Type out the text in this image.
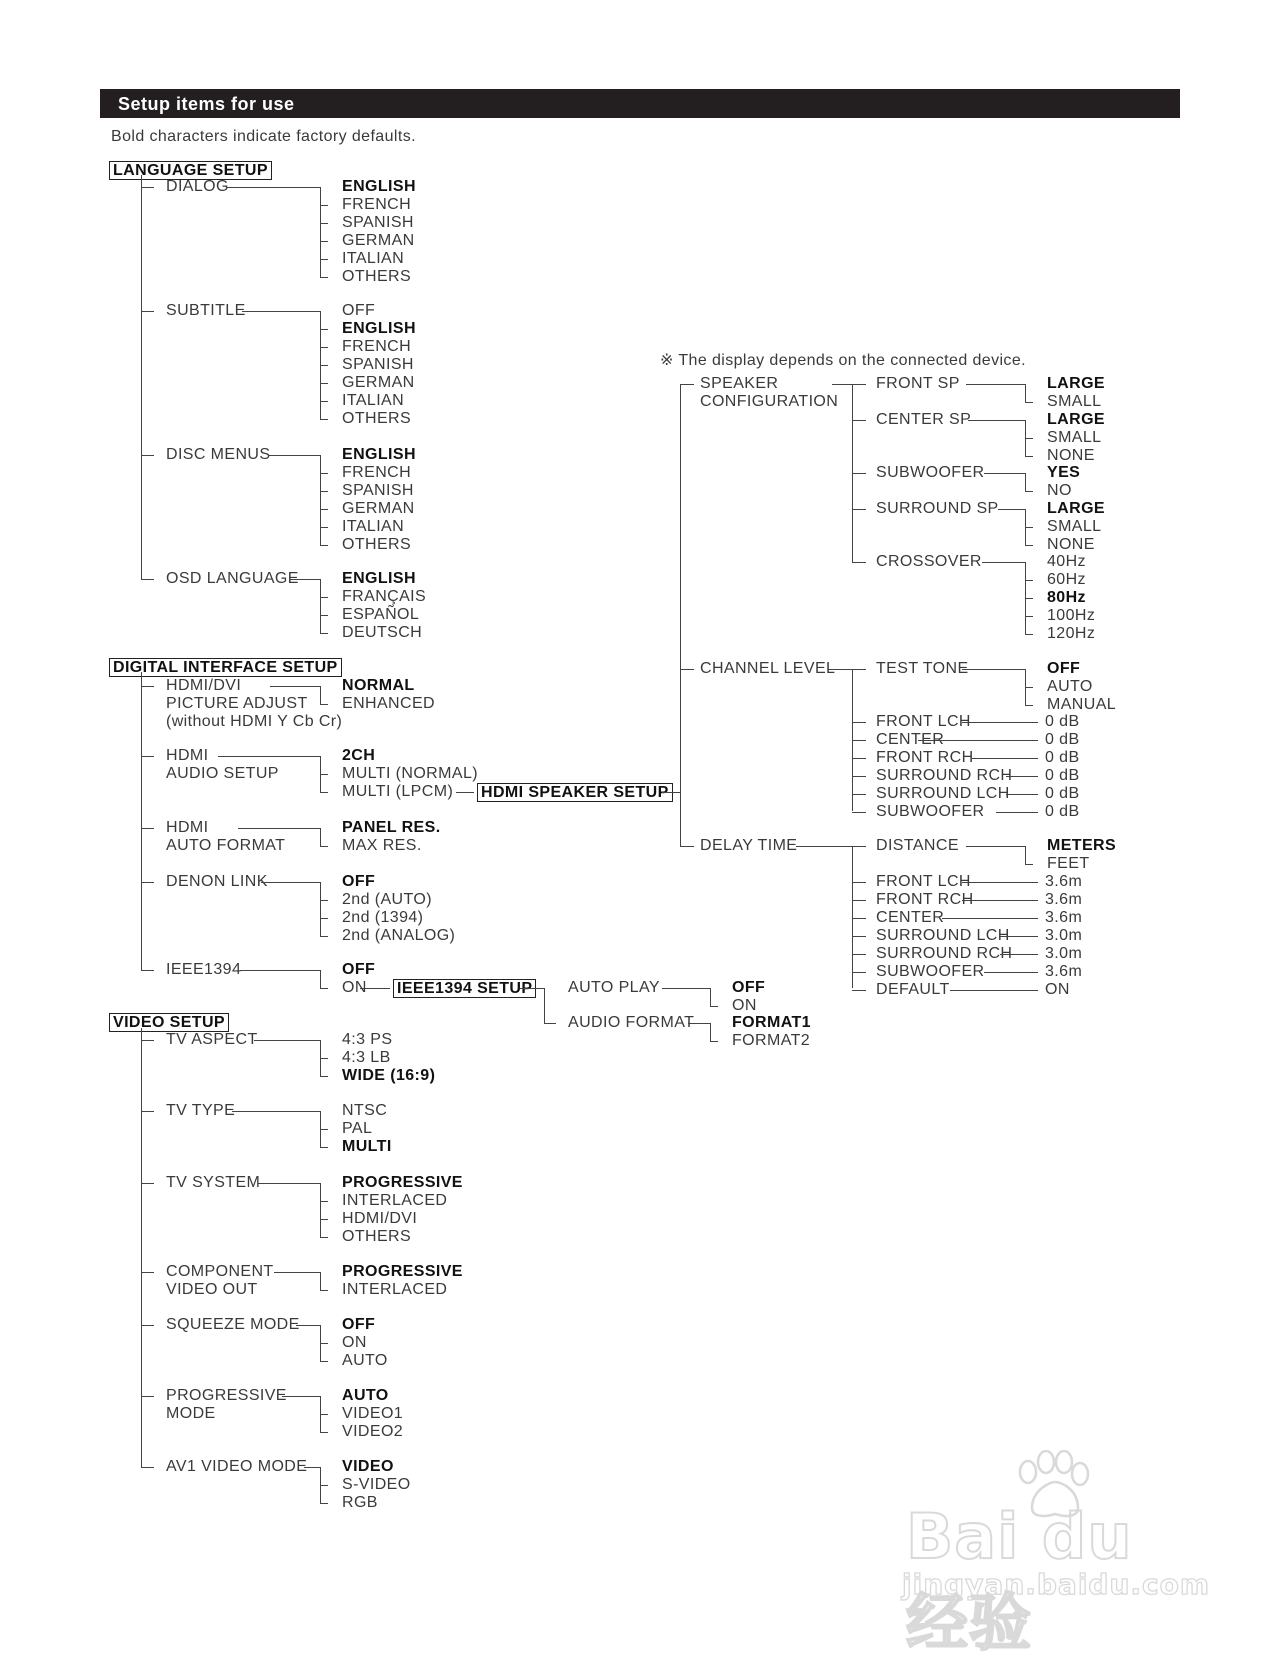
Setup items for use
Bold characters indicate factory defaults.
※ The display depends on the connected device.
LANGUAGE SETUP
DIALOG	ENGLISH
FRENCH
SPANISH
GERMAN
ITALIAN
OTHERS
SUBTITLE	OFF
ENGLISH
FRENCH
SPANISH
GERMAN
ITALIAN
OTHERS
DISC MENUS	ENGLISH
FRENCH
SPANISH
GERMAN
ITALIAN
OTHERS
OSD LANGUAGE	ENGLISH
FRANÇAIS
ESPAÑOL
DEUTSCH
DIGITAL INTERFACE SETUP
HDMI/DVI
PICTURE ADJUST
(without HDMI Y Cb Cr)
NORMAL
ENHANCED
HDMI
AUDIO SETUP
2CH
MULTI (NORMAL)
MULTI (LPCM)
HDMI
AUTO FORMAT
PANEL RES.
MAX RES.
DENON LINK	OFF
2nd (AUTO)
2nd (1394)
2nd (ANALOG)
IEEE1394	OFF
ON
HDMI SPEAKER SETUP
SPEAKER
CONFIGURATION
FRONT SP	LARGE
SMALL
CENTER SP	LARGE
SMALL
NONE
SUBWOOFER	YES
NO
SURROUND SP	LARGE
SMALL
NONE
CROSSOVER	40Hz
60Hz
80Hz
100Hz
120Hz
CHANNEL LEVEL	TEST TONE	OFF
AUTO
MANUAL
FRONT LCH	0 dB
CENTER	0 dB
FRONT RCH	0 dB
SURROUND RCH 0 dB
SURROUND LCH 0 dB
SUBWOOFER	0 dB
DELAY TIME	DISTANCE	METERS
FEET
FRONT LCH	3.6m
FRONT RCH	3.6m
CENTER	3.6m
SURROUND LCH 3.0m
SURROUND RCH 3.0m
SUBWOOFER	3.6m
DEFAULT	ON
IEEE1394 SETUP AUTO PLAY	OFF
ON
AUDIO FORMAT FORMAT1
FORMAT2
VIDEO SETUP
TV ASPECT	4:3 PS
4:3 LB
WIDE (16:9)
TV TYPE	NTSC
PAL
MULTI
TV SYSTEM	PROGRESSIVE
INTERLACED
HDMI/DVI
OTHERS
COMPONENT
VIDEO OUT
PROGRESSIVE
INTERLACED
SQUEEZE MODE	OFF
ON
AUTO
PROGRESSIVE
MODE
AUTO
VIDEO1
VIDEO2
AV1 VIDEO MODE VIDEO
S-VIDEO
RGB	Bai du 经验
jingyan.baidu.com
